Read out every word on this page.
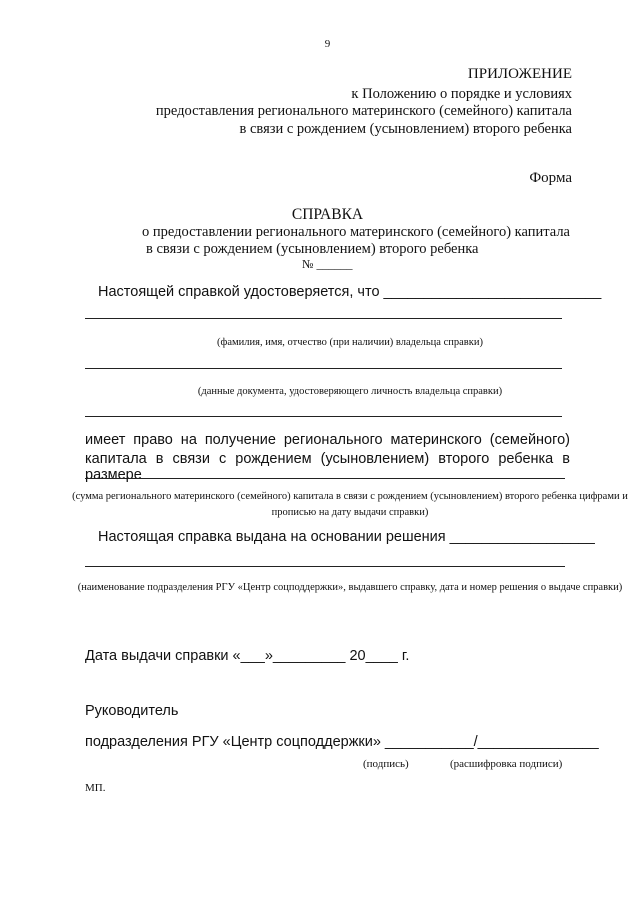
9
ПРИЛОЖЕНИЕ
к Положению о порядке и условиях
предоставления регионального материнского (семейного) капитала
в связи с рождением (усыновлением) второго ребенка
Форма
СПРАВКА
о предоставлении регионального материнского (семейного) капитала
в связи с рождением (усыновлением) второго ребенка
№ ______
Настоящей справкой удостоверяется, что ___________________________
(фамилия, имя, отчество (при наличии) владельца справки)
(данные документа, удостоверяющего личность владельца справки)
имеет право на получение регионального материнского (семейного)
капитала в связи с рождением (усыновлением) второго ребенка в размере
(сумма регионального материнского (семейного) капитала в связи с рождением (усыновлением) второго ребенка цифрами и прописью на дату выдачи справки)
Настоящая справка выдана на основании решения __________________
(наименование подразделения РГУ «Центр соцподдержки», выдавшего справку, дата и номер решения о выдаче справки)
Дата выдачи справки «___»_________ 20____ г.
Руководитель
подразделения РГУ «Центр соцподдержки» ___________/_______________
(подпись)	(расшифровка подписи)
МП.
